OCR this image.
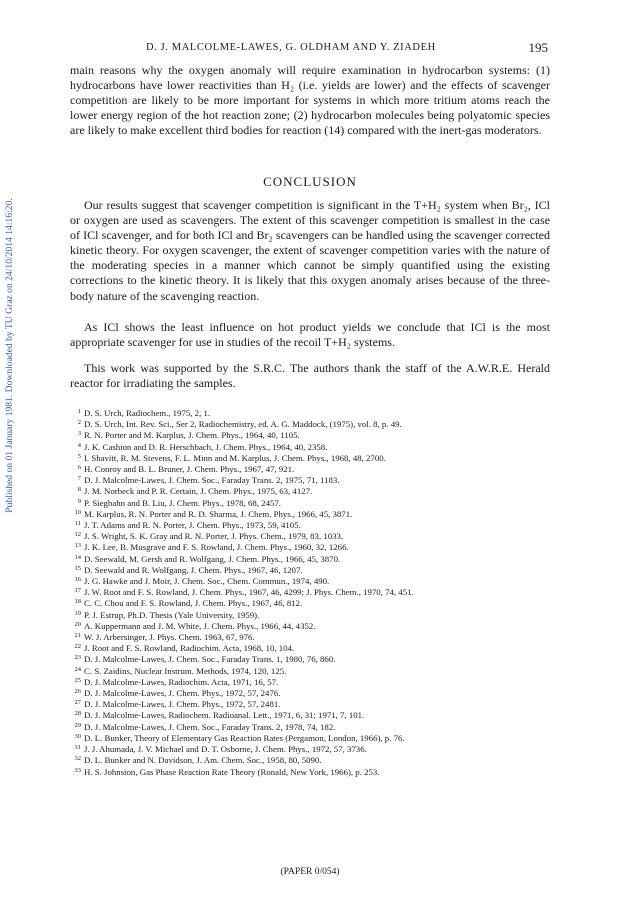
Published on 01 January 1981. Downloaded by TU Graz on 24/10/2014 14:16:20.
D. J. MALCOLME-LAWES, G. OLDHAM AND Y. ZIADEH	195

main reasons why the oxygen anomaly will require examination in hydrocarbon systems: (1) hydrocarbons have lower reactivities than H₂ (i.e. yields are lower) and the effects of scavenger competition are likely to be more important for systems in which more tritium atoms reach the lower energy region of the hot reaction zone; (2) hydrocarbon molecules being polyatomic species are likely to make excellent third bodies for reaction (14) compared with the inert-gas moderators.

CONCLUSION

Our results suggest that scavenger competition is significant in the T+H₂ system when Br₂, ICl or oxygen are used as scavengers. The extent of this scavenger competition is smallest in the case of ICl scavenger, and for both ICl and Br₂ scavengers can be handled using the scavenger corrected kinetic theory. For oxygen scavenger, the extent of scavenger competition varies with the nature of the moderating species in a manner which cannot be simply quantified using the existing corrections to the kinetic theory. It is likely that this oxygen anomaly arises because of the three-body nature of the scavenging reaction.

As ICl shows the least influence on hot product yields we conclude that ICl is the most appropriate scavenger for use in studies of the recoil T+H₂ systems.

This work was supported by the S.R.C. The authors thank the staff of the A.W.R.E. Herald reactor for irradiating the samples.

1 D. S. Urch, Radiochem., 1975, 2, 1.
2 D. S. Urch, Int. Rev. Sci., Ser 2, Radiochemistry, ed. A. G. Maddock, (1975), vol. 8, p. 49.
3 R. N. Porter and M. Karplus, J. Chem. Phys., 1964, 40, 1105.
4 J. K. Cashion and D. R. Herschbach, J. Chem. Phys., 1964, 40, 2358.
5 I. Shavitt, R. M. Stevens, F. L. Minn and M. Karplus, J. Chem. Phys., 1968, 48, 2700.
6 H. Conroy and B. L. Bruner, J. Chem. Phys., 1967, 47, 921.
7 D. J. Malcolme-Lawes, J. Chem. Soc., Faraday Trans. 2, 1975, 71, 1183.
8 J. M. Norbeck and P. R. Certain, J. Chem. Phys., 1975, 63, 4127.
9 P. Siegbahn and B. Liu, J. Chem. Phys., 1978, 68, 2457.
10 M. Karplus, R. N. Porter and R. D. Sharma, J. Chem. Phys., 1966, 45, 3871.
11 J. T. Adams and R. N. Porter, J. Chem. Phys., 1973, 59, 4105.
12 J. S. Wright, S. K. Gray and R. N. Porter, J. Phys. Chem., 1979, 83, 1033.
13 J. K. Lee, B. Musgrave and F. S. Rowland, J. Chem. Phys., 1960, 32, 1266.
14 D. Seewald, M. Gersh and R. Wolfgang, J. Chem. Phys., 1966, 45, 3870.
15 D. Seewald and R. Wolfgang, J. Chem. Phys., 1967, 46, 1207.
16 J. G. Hawke and J. Moir, J. Chem. Soc., Chem. Commun., 1974, 490.
17 J. W. Root and F. S. Rowland, J. Chem. Phys., 1967, 46, 4299; J. Phys. Chem., 1970, 74, 451.
18 C. C. Chou and F. S. Rowland, J. Chem. Phys., 1967, 46, 812.
19 P. J. Estrup, Ph.D. Thesis (Yale University, 1959).
20 A. Kuppermann and J. M. White, J. Chem. Phys., 1966, 44, 4352.
21 W. J. Arbersinger, J. Phys. Chem. 1963, 67, 976.
22 J. Root and F. S. Rowland, Radiochim. Acta, 1968, 10, 104.
23 D. J. Malcolme-Lawes, J. Chem. Soc., Faraday Trans. 1, 1980, 76, 860.
24 C. S. Zaidins, Nuclear Instrum. Methods, 1974, 120, 125.
25 D. J. Malcolme-Lawes, Radiochim. Acta, 1971, 16, 57.
26 D. J. Malcolme-Lawes, J. Chem. Phys., 1972, 57, 2476.
27 D. J. Malcolme-Lawes, J. Chem. Phys., 1972, 57, 2481.
28 D. J. Malcolme-Lawes, Radiochem. Radioanal. Lett., 1971, 6, 31; 1971, 7, 101.
29 D. J. Malcolme-Lawes, J. Chem. Soc., Faraday Trans. 2, 1978, 74, 182.
30 D. L. Bunker, Theory of Elementary Gas Reaction Rates (Pergamon, London, 1966), p. 76.
31 J. J. Ahumada, J. V. Michael and D. T. Osborne, J. Chem. Phys., 1972, 57, 3736.
32 D. L. Bunker and N. Davidson, J. Am. Chem. Soc., 1958, 80, 5090.
33 H. S. Johnston, Gas Phase Reaction Rate Theory (Ronald, New York, 1966), p. 253.
(PAPER 0/054)
